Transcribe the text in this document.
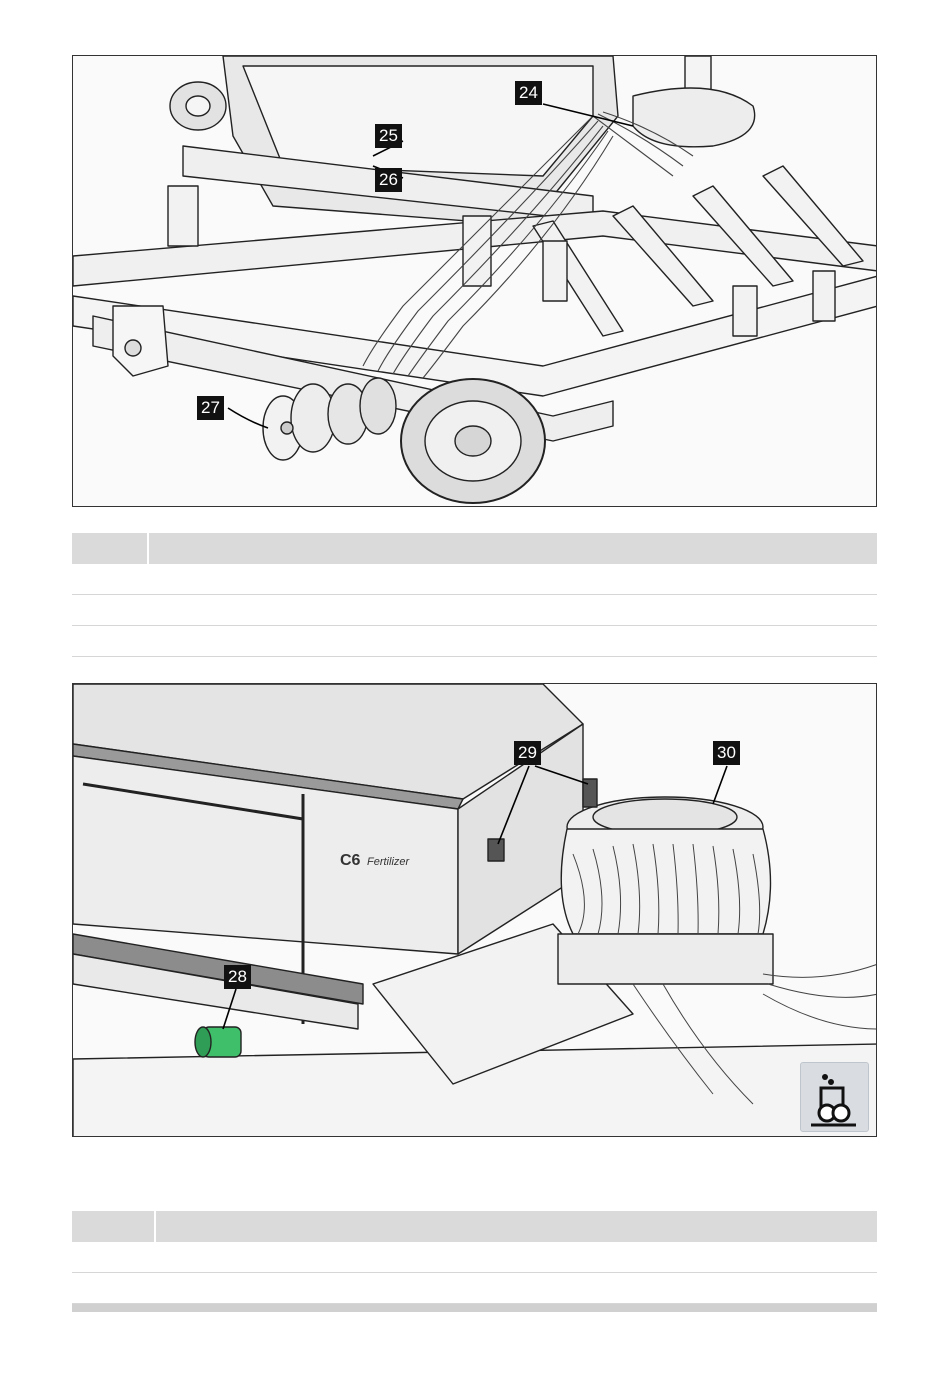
24
25
26
27
28
29	30
C6 Fertilizer
